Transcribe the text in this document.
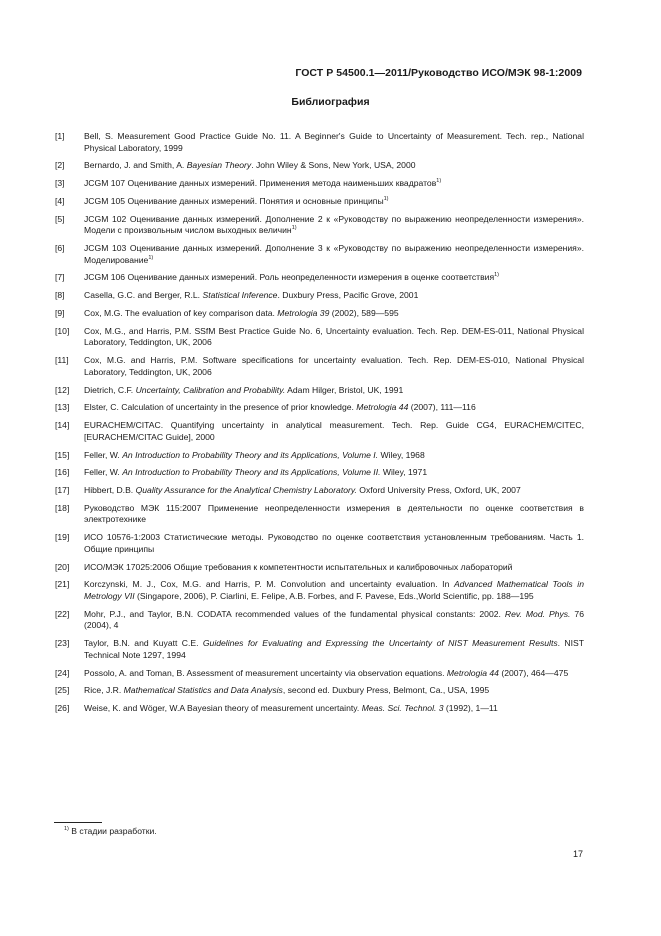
ГОСТ Р 54500.1—2011/Руководство ИСО/МЭК 98-1:2009
Библиография
[1]	Bell, S. Measurement Good Practice Guide No. 11. A Beginner's Guide to Uncertainty of Measurement. Tech. rep., National Physical Laboratory, 1999
[2]	Bernardo, J. and Smith, A. Bayesian Theory. John Wiley & Sons, New York, USA, 2000
[3]	JCGM 107 Оценивание данных измерений. Применения метода наименьших квадратов$^{1)}$
[4]	JCGM 105 Оценивание данных измерений. Понятия и основные принципы$^{1)}$
[5]	JCGM 102 Оценивание данных измерений. Дополнение 2 к «Руководству по выражению неопределенности измерения». Модели с произвольным числом выходных величин$^{1)}$
[6]	JCGM 103 Оценивание данных измерений. Дополнение 3 к «Руководству по выражению неопределенности измерения». Моделирование$^{1)}$
[7]	JCGM 106 Оценивание данных измерений. Роль неопределенности измерения в оценке соответствия$^{1)}$
[8]	Casella, G.C. and Berger, R.L. Statistical Inference. Duxbury Press, Pacific Grove, 2001
[9]	Cox, M.G. The evaluation of key comparison data. Metrologia 39 (2002), 589—595
[10]	Cox, M.G., and Harris, P.M. SSfM Best Practice Guide No. 6, Uncertainty evaluation. Tech. Rep. DEM-ES-011, National Physical Laboratory, Teddington, UK, 2006
[11]	Cox, M.G. and Harris, P.M. Software specifications for uncertainty evaluation. Tech. Rep. DEM-ES-010, National Physical Laboratory, Teddington, UK, 2006
[12]	Dietrich, C.F. Uncertainty, Calibration and Probability. Adam Hilger, Bristol, UK, 1991
[13]	Elster, C. Calculation of uncertainty in the presence of prior knowledge. Metrologia 44 (2007), 111—116
[14]	EURACHEM/CITAC. Quantifying uncertainty in analytical measurement. Tech. Rep. Guide CG4, EURACHEM/CITEC, [EURACHEM/CITAC Guide], 2000
[15]	Feller, W. An Introduction to Probability Theory and its Applications, Volume I. Wiley, 1968
[16]	Feller, W. An Introduction to Probability Theory and its Applications, Volume II. Wiley, 1971
[17]	Hibbert, D.B. Quality Assurance for the Analytical Chemistry Laboratory. Oxford University Press, Oxford, UK, 2007
[18]	Руководство МЭК 115:2007 Применение неопределенности измерения в деятельности по оценке соответствия в электротехнике
[19]	ИСО 10576-1:2003 Статистические методы. Руководство по оценке соответствия установленным требованиям. Часть 1. Общие принципы
[20]	ИСО/МЭК 17025:2006 Общие требования к компетентности испытательных и калибровочных лабораторий
[21]	Korczynski, M. J., Cox, M.G. and Harris, P. M. Convolution and uncertainty evaluation. In Advanced Mathematical Tools in Metrology VII (Singapore, 2006), P. Ciarlini, E. Felipe, A.B. Forbes, and F. Pavese, Eds.,World Scientific, pp. 188—195
[22]	Mohr, P.J., and Taylor, B.N. CODATA recommended values of the fundamental physical constants: 2002. Rev. Mod. Phys. 76 (2004), 4
[23]	Taylor, B.N. and Kuyatt C.E. Guidelines for Evaluating and Expressing the Uncertainty of NIST Measurement Results. NIST Technical Note 1297, 1994
[24]	Possolo, A. and Toman, B. Assessment of measurement uncertainty via observation equations. Metrologia 44 (2007), 464—475
[25]	Rice, J.R. Mathematical Statistics and Data Analysis, second ed. Duxbury Press, Belmont, Ca., USA, 1995
[26]	Weise, K. and Wöger, W.A Bayesian theory of measurement uncertainty. Meas. Sci. Technol. 3 (1992), 1—11
$^{1)}$ В стадии разработки.
17
